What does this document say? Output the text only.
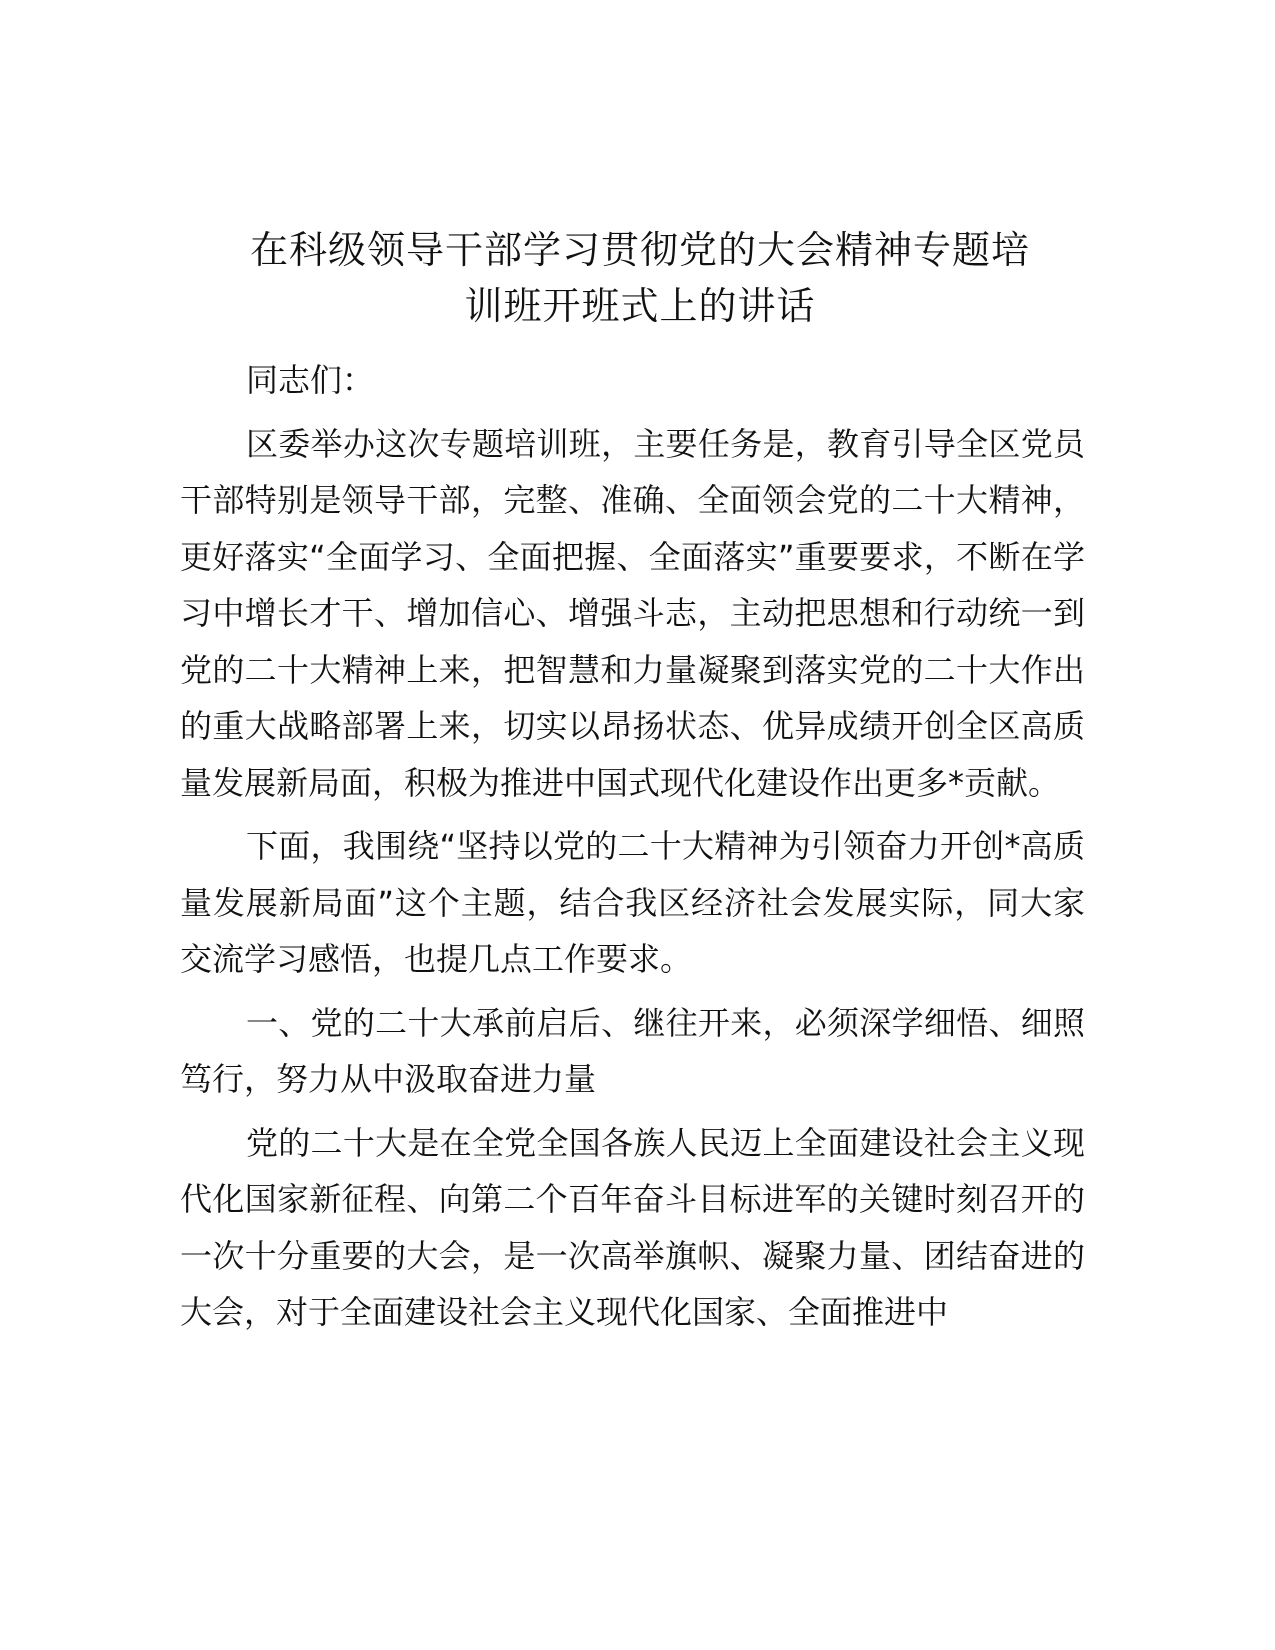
在科级领导干部学习贯彻党的大会精神专题培
训班开班式上的讲话

同志们：

区委举办这次专题培训班，主要任务是，教育引导全区党员干部特别是领导干部，完整、准确、全面领会党的二十大精神，更好落实“全面学习、全面把握、全面落实”重要要求，不断在学习中增长才干、增加信心、增强斗志，主动把思想和行动统一到党的二十大精神上来，把智慧和力量凝聚到落实党的二十大作出的重大战略部署上来，切实以昂扬状态、优异成绩开创全区高质量发展新局面，积极为推进中国式现代化建设作出更多*贡献。

下面，我围绕“坚持以党的二十大精神为引领奋力开创*高质量发展新局面”这个主题，结合我区经济社会发展实际，同大家交流学习感悟，也提几点工作要求。

一、党的二十大承前启后、继往开来，必须深学细悟、细照笃行，努力从中汲取奋进力量

党的二十大是在全党全国各族人民迈上全面建设社会主义现代化国家新征程、向第二个百年奋斗目标进军的关键时刻召开的一次十分重要的大会，是一次高举旗帜、凝聚力量、团结奋进的大会，对于全面建设社会主义现代化国家、全面推进中
